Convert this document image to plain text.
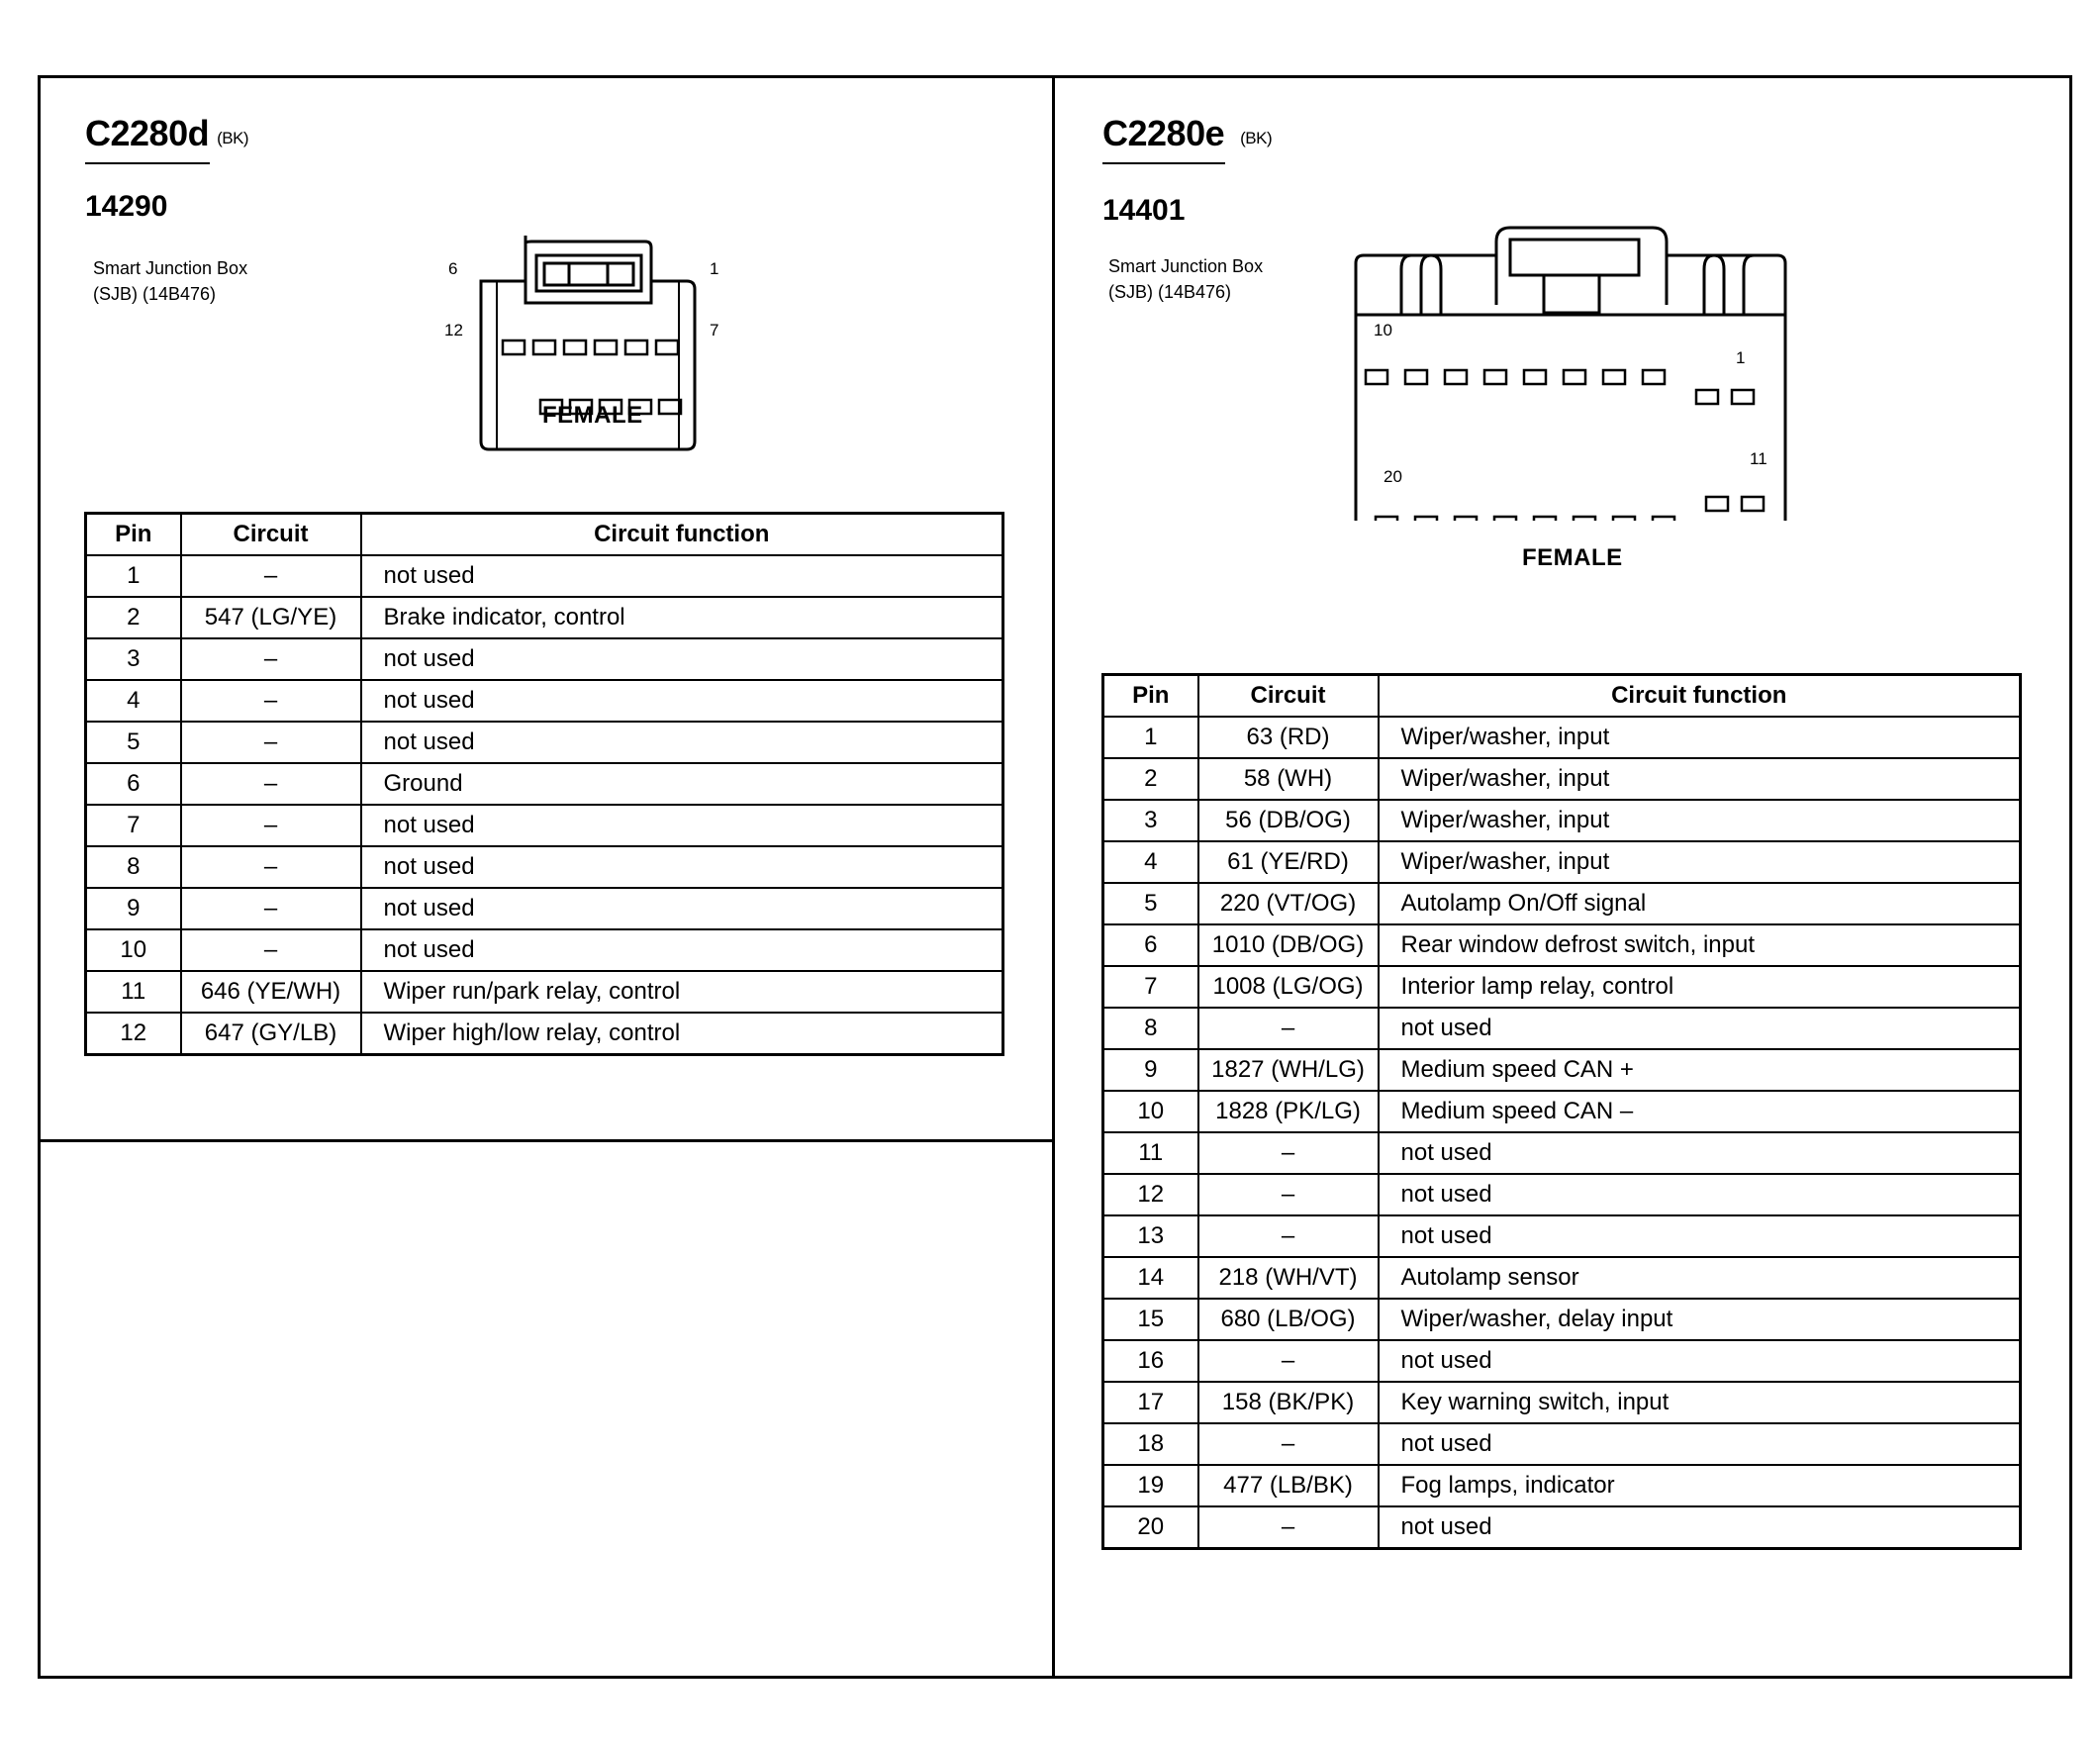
C2280d (BK)
14290
Smart Junction Box
(SJB) (14B476)
6	1
12	7
FEMALE
Pin	Circuit	Circuit function
1	–	not used
2	547 (LG/YE)	Brake indicator, control
3	–	not used
4	–	not used
5	–	not used
6	–	Ground
7	–	not used
8	–	not used
9	–	not used
10	–	not used
11	646 (YE/WH)	Wiper run/park relay, control
12	647 (GY/LB)	Wiper high/low relay, control
C2280e (BK)
14401
Smart Junction Box
(SJB) (14B476)
10
1
20
11
FEMALE
Pin	Circuit	Circuit function
1	63 (RD)	Wiper/washer, input
2	58 (WH)	Wiper/washer, input
3	56 (DB/OG)	Wiper/washer, input
4	61 (YE/RD)	Wiper/washer, input
5	220 (VT/OG)	Autolamp On/Off signal
6	1010 (DB/OG)	Rear window defrost switch, input
7	1008 (LG/OG)	Interior lamp relay, control
8	–	not used
9	1827 (WH/LG)	Medium speed CAN +
10	1828 (PK/LG)	Medium speed CAN –
11	–	not used
12	–	not used
13	–	not used
14	218 (WH/VT)	Autolamp sensor
15	680 (LB/OG)	Wiper/washer, delay input
16	–	not used
17	158 (BK/PK)	Key warning switch, input
18	–	not used
19	477 (LB/BK)	Fog lamps, indicator
20	–	not used
